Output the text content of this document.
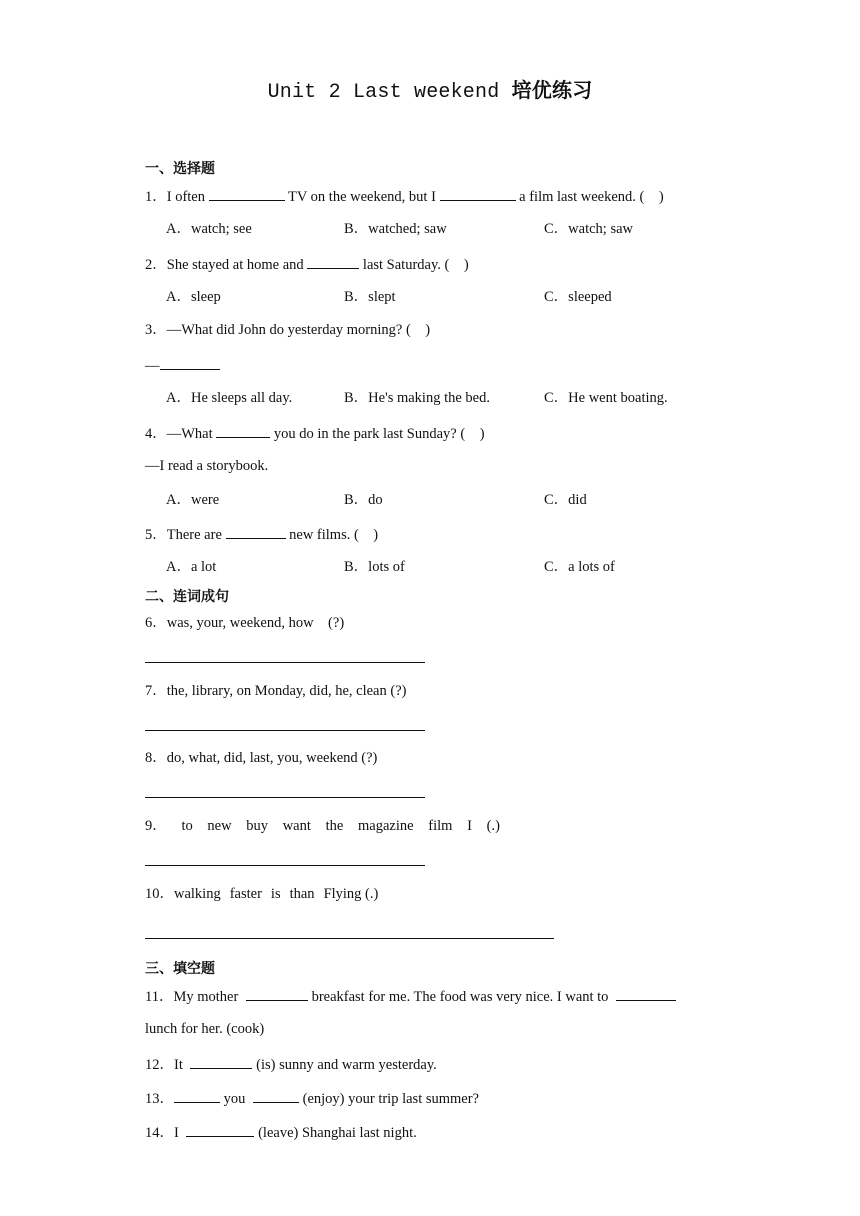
Unit 2 Last weekend 培优练习
一、选择题
1．I often	TV on the weekend, but I	a film last weekend. (　)
A．watch; see	B．watched; saw	C．watch; saw
2．She stayed at home and	last Saturday. (　)
A．sleep	B．slept	C．sleeped
3．—What did John do yesterday morning? (　)
—
A．He sleeps all day.	B．He's making the bed.	C．He went boating.
4．—What	you do in the park last Sunday? (　)
—I read a storybook.
A．were	B．do	C．did
5．There are	new films. (　)
A．a lot	B．lots of	C．a lots of
二、连词成句
6．was, your, weekend, how　(?)
7．the, library, on Monday, did, he, clean (?)
8．do, what, did, last, you, weekend (?)
9． to new buy want the magazine film I (.)
10．walking faster is than Flying (.)
三、填空题
11．My mother	breakfast for me. The food was very nice. I want to
lunch for her. (cook)
12．It	(is) sunny and warm yesterday.
13．	you	(enjoy) your trip last summer?
14．I	(leave) Shanghai last night.
